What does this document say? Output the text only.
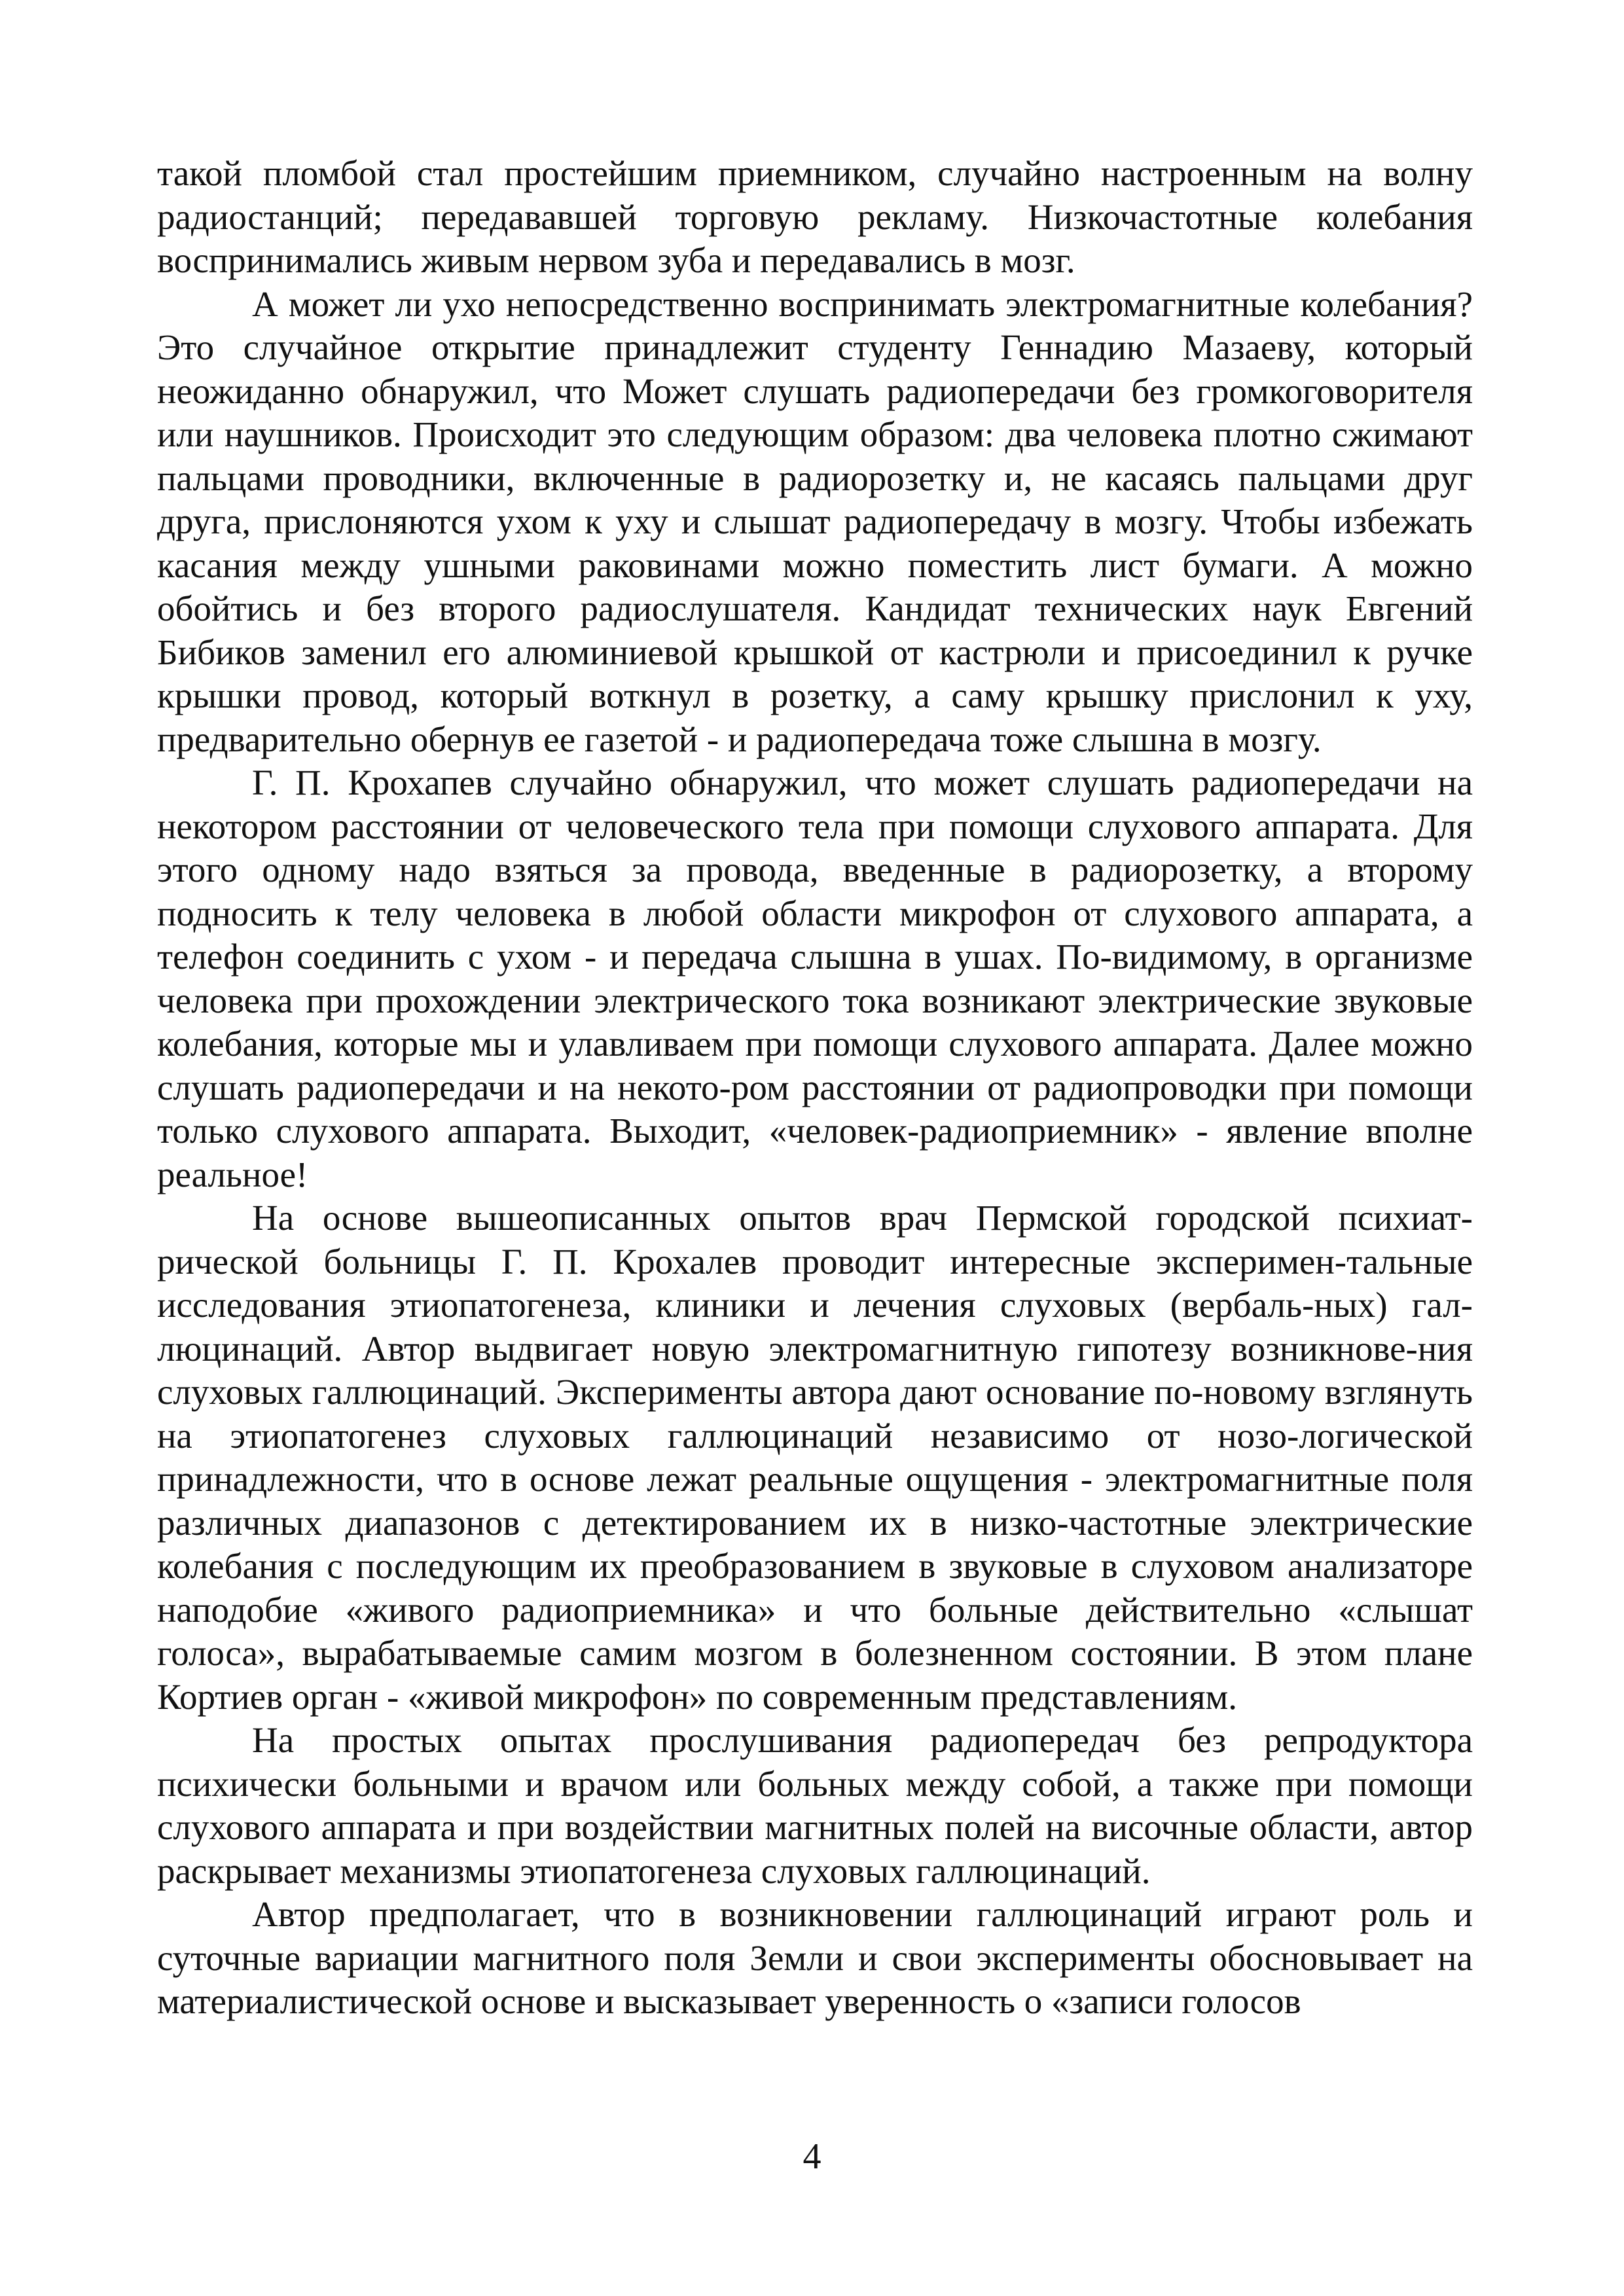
такой пломбой стал простейшим приемником, случайно настроенным на волну радиостанций; передававшей торговую рекламу. Низкочастотные колебания воспринимались живым нервом зуба и передавались в мозг.

А может ли ухо непосредственно воспринимать электромагнитные колебания? Это случайное открытие принадлежит студенту Геннадию Мазаеву, который неожиданно обнаружил, что Может слушать радиопередачи без громкоговорителя или наушников. Происходит это следующим образом: два человека плотно сжимают пальцами проводники, включенные в радиорозетку и, не касаясь пальцами друг друга, прислоняются ухом к уху и слышат радиопередачу в мозгу. Чтобы избежать касания между ушными раковинами можно поместить лист бумаги. А можно обойтись и без второго радиослушателя. Кандидат технических наук Евгений Бибиков заменил его алюминиевой крышкой от кастрюли и присоединил к ручке крышки провод, который воткнул в розетку, а саму крышку прислонил к уху, предварительно обернув ее газетой - и радиопередача тоже слышна в мозгу.

Г. П. Крохапев случайно обнаружил, что может слушать радиопередачи на некотором расстоянии от человеческого тела при помощи слухового аппарата. Для этого одному надо взяться за провода, введенные в радиорозетку, а второму подносить к телу человека в любой области микрофон от слухового аппарата, а телефон соединить с ухом - и передача слышна в ушах. По-видимому, в организме человека при прохождении электрического тока возникают электрические звуковые колебания, которые мы и улавливаем при помощи слухового аппарата. Далее можно слушать радиопередачи и на некото-ром расстоянии от радиопроводки при помощи только слухового аппарата. Выходит, «человек-радиоприемник» - явление вполне реальное!

На основе вышеописанных опытов врач Пермской городской психиат-рической больницы Г. П. Крохалев проводит интересные эксперимен-тальные исследования этиопатогенеза, клиники и лечения слуховых (вербаль-ных) гал-люцинаций. Автор выдвигает новую электромагнитную гипотезу возникнове-ния слуховых галлюцинаций. Эксперименты автора дают основание по-новому взглянуть на этиопатогенез слуховых галлюцинаций независимо от нозо-логической принадлежности, что в основе лежат реальные ощущения - электромагнитные поля различных диапазонов с детектированием их в низко-частотные электрические колебания с последующим их преобразованием в звуковые в слуховом анализаторе наподобие «живого радиоприемника» и что больные действительно «слышат голоса», вырабатываемые самим мозгом в болезненном состоянии. В этом плане Кортиев орган - «живой микрофон» по современным представлениям.

На простых опытах прослушивания радиопередач без репродуктора психически больными и врачом или больных между собой, а также при помощи слухового аппарата и при воздействии магнитных полей на височные области, автор раскрывает механизмы этиопатогенеза слуховых галлюцинаций.

Автор предполагает, что в возникновении галлюцинаций играют роль и суточные вариации магнитного поля Земли и свои эксперименты обосновывает на материалистической основе и высказывает уверенность о «записи голосов

4
